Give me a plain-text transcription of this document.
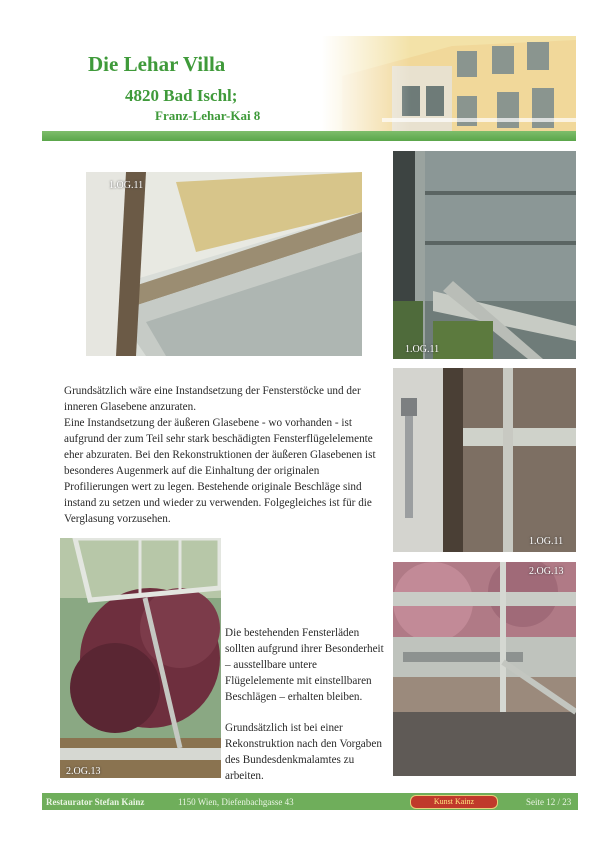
Die Lehar Villa
4820 Bad Ischl;
Franz-Lehar-Kai 8
1.OG.11
1.OG.11
Grundsätzlich wäre eine Instandsetzung der Fensterstöcke und der
inneren Glasebene anzuraten.
Eine Instandsetzung der äußeren Glasebene - wo vorhanden - ist
aufgrund der zum Teil sehr stark beschädigten Fensterflügelelemente
eher abzuraten. Bei den Rekonstruktionen der äußeren Glasebenen ist
besonderes Augenmerk auf die Einhaltung der originalen
Profilierungen wert zu legen. Bestehende originale Beschläge sind
instand zu setzen und wieder zu verwenden. Folgegleiches ist für die
Verglasung vorzusehen.
1.OG.11
2.OG.13
Die bestehenden Fensterläden
sollten aufgrund ihrer Besonderheit
– ausstellbare untere
Flügelelemente mit einstellbaren
Beschlägen – erhalten bleiben.
Grundsätzlich ist bei einer
Rekonstruktion nach den Vorgaben
des Bundesdenkmalamtes zu
arbeiten.
2.OG.13
Restaurator Stefan Kainz	1150 Wien, Diefenbachgasse 43	Kunst Kainz	Seite 12 / 23
